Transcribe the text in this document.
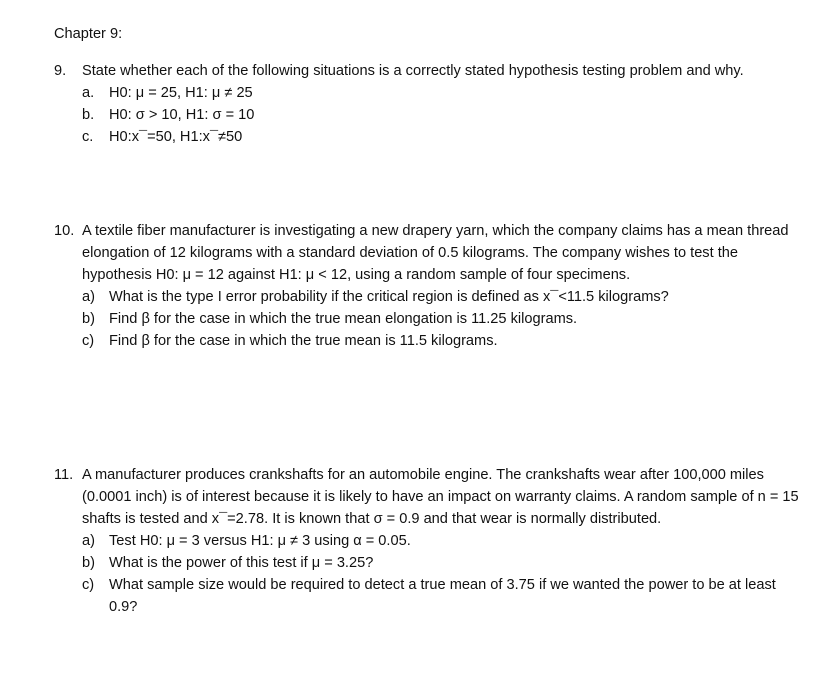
Chapter 9:
9.	State whether each of the following situations is a correctly stated hypothesis testing problem and why.
a.	H0: μ = 25, H1: μ ≠ 25
b.	H0: σ > 10, H1: σ = 10
c.	H0:x¯=50, H1:x¯≠50
10. A textile fiber manufacturer is investigating a new drapery yarn, which the company claims has a mean thread elongation of 12 kilograms with a standard deviation of 0.5 kilograms. The company wishes to test the hypothesis H0: μ = 12 against H1: μ < 12, using a random sample of four specimens.
a) What is the type I error probability if the critical region is defined as x¯<11.5 kilograms?
b) Find β for the case in which the true mean elongation is 11.25 kilograms.
c)	Find β for the case in which the true mean is 11.5 kilograms.
11. A manufacturer produces crankshafts for an automobile engine. The crankshafts wear after 100,000 miles (0.0001 inch) is of interest because it is likely to have an impact on warranty claims. A random sample of n = 15 shafts is tested and x¯=2.78. It is known that σ = 0.9 and that wear is normally distributed.
a) Test H0: μ = 3 versus H1: μ ≠ 3 using α = 0.05.
b) What is the power of this test if μ = 3.25?
c)	What sample size would be required to detect a true mean of 3.75 if we wanted the power to be at least 0.9?
